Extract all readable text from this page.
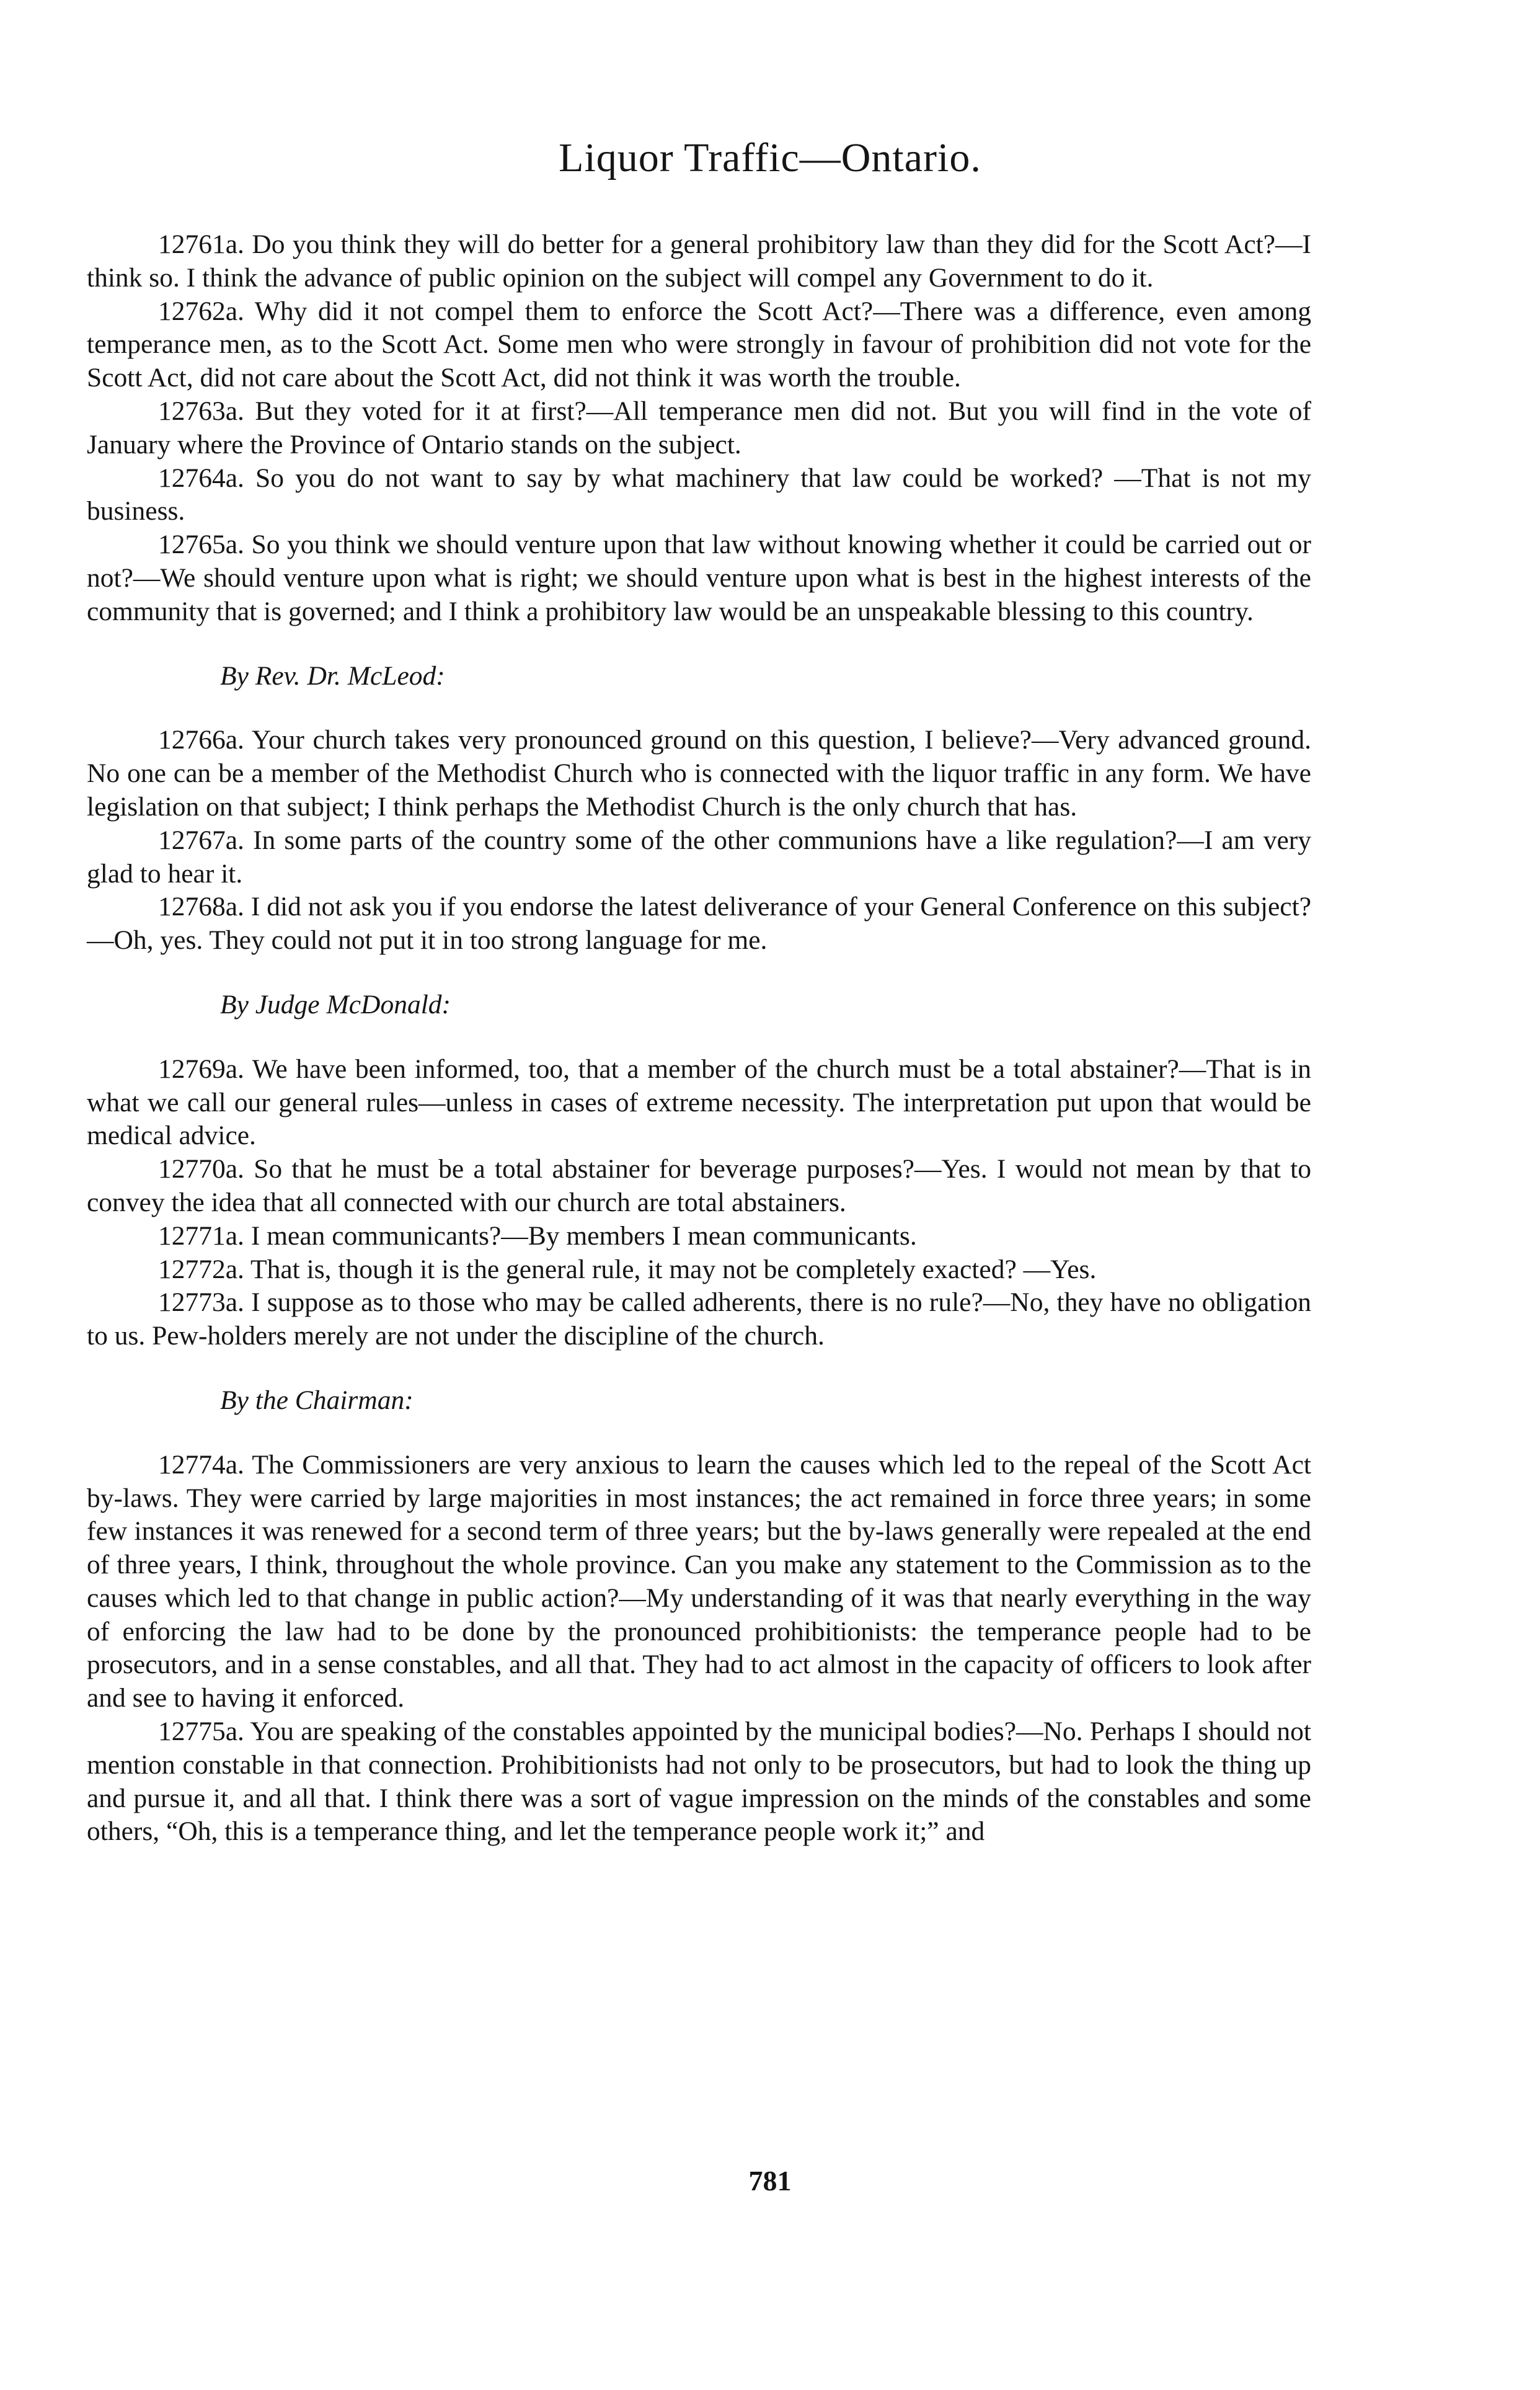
Liquor Traffic—Ontario.

12761a. Do you think they will do better for a general prohibitory law than they did for the Scott Act?—I think so. I think the advance of public opinion on the subject will compel any Government to do it.

12762a. Why did it not compel them to enforce the Scott Act?—There was a difference, even among temperance men, as to the Scott Act. Some men who were strongly in favour of prohibition did not vote for the Scott Act, did not care about the Scott Act, did not think it was worth the trouble.

12763a. But they voted for it at first?—All temperance men did not. But you will find in the vote of January where the Province of Ontario stands on the subject.

12764a. So you do not want to say by what machinery that law could be worked? —That is not my business.

12765a. So you think we should venture upon that law without knowing whether it could be carried out or not?—We should venture upon what is right; we should venture upon what is best in the highest interests of the community that is governed; and I think a prohibitory law would be an unspeakable blessing to this country.

By Rev. Dr. McLeod:

12766a. Your church takes very pronounced ground on this question, I believe?—Very advanced ground. No one can be a member of the Methodist Church who is connected with the liquor traffic in any form. We have legislation on that subject; I think perhaps the Methodist Church is the only church that has.

12767a. In some parts of the country some of the other communions have a like regulation?—I am very glad to hear it.

12768a. I did not ask you if you endorse the latest deliverance of your General Conference on this subject?—Oh, yes. They could not put it in too strong language for me.

By Judge McDonald:

12769a. We have been informed, too, that a member of the church must be a total abstainer?—That is in what we call our general rules—unless in cases of extreme necessity. The interpretation put upon that would be medical advice.

12770a. So that he must be a total abstainer for beverage purposes?—Yes. I would not mean by that to convey the idea that all connected with our church are total abstainers.

12771a. I mean communicants?—By members I mean communicants.

12772a. That is, though it is the general rule, it may not be completely exacted? —Yes.

12773a. I suppose as to those who may be called adherents, there is no rule?—No, they have no obligation to us. Pew-holders merely are not under the discipline of the church.

By the Chairman:

12774a. The Commissioners are very anxious to learn the causes which led to the repeal of the Scott Act by-laws. They were carried by large majorities in most instances; the act remained in force three years; in some few instances it was renewed for a second term of three years; but the by-laws generally were repealed at the end of three years, I think, throughout the whole province. Can you make any statement to the Commission as to the causes which led to that change in public action?—My understanding of it was that nearly everything in the way of enforcing the law had to be done by the pronounced prohibitionists: the temperance people had to be prosecutors, and in a sense constables, and all that. They had to act almost in the capacity of officers to look after and see to having it enforced.

12775a. You are speaking of the constables appointed by the municipal bodies?—No. Perhaps I should not mention constable in that connection. Prohibitionists had not only to be prosecutors, but had to look the thing up and pursue it, and all that. I think there was a sort of vague impression on the minds of the constables and some others, “Oh, this is a temperance thing, and let the temperance people work it;” and

781
